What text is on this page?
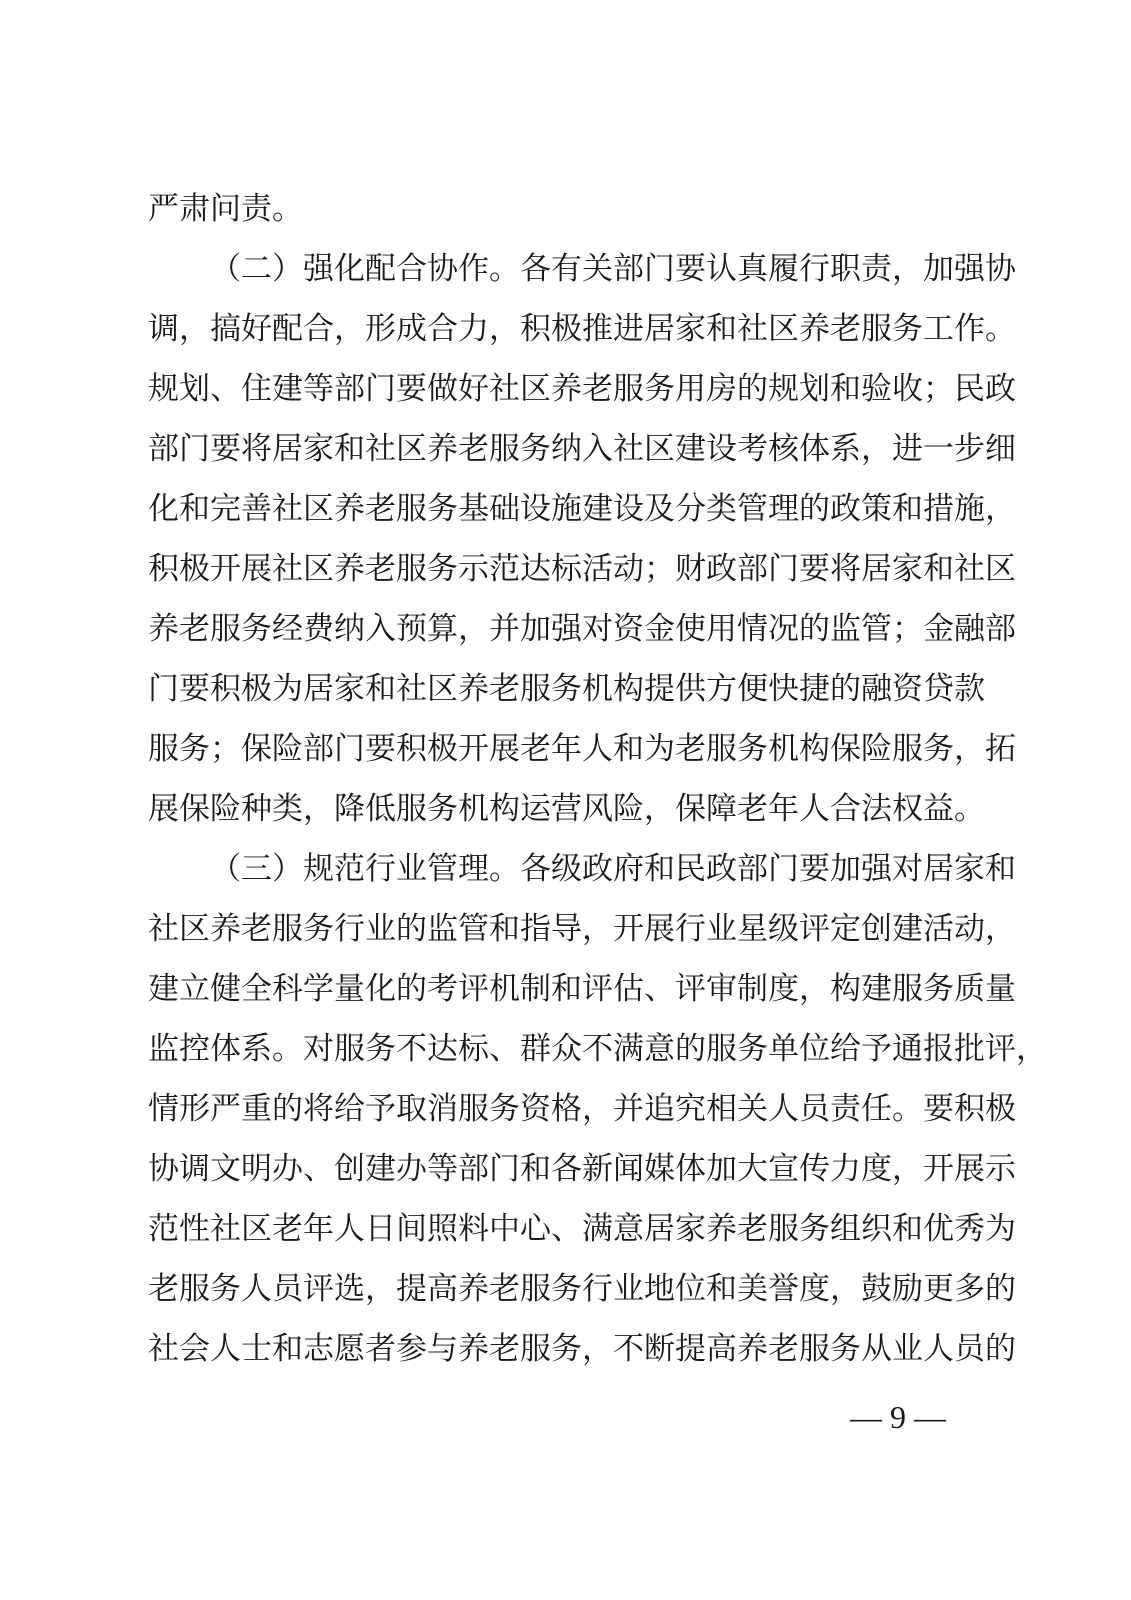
严肃问责。
（二）强化配合协作。各有关部门要认真履行职责，加强协
调，搞好配合，形成合力，积极推进居家和社区养老服务工作。
规划、住建等部门要做好社区养老服务用房的规划和验收；民政
部门要将居家和社区养老服务纳入社区建设考核体系，进一步细
化和完善社区养老服务基础设施建设及分类管理的政策和措施，
积极开展社区养老服务示范达标活动；财政部门要将居家和社区
养老服务经费纳入预算，并加强对资金使用情况的监管；金融部
门要积极为居家和社区养老服务机构提供方便快捷的融资贷款
服务；保险部门要积极开展老年人和为老服务机构保险服务，拓
展保险种类，降低服务机构运营风险，保障老年人合法权益。
（三）规范行业管理。各级政府和民政部门要加强对居家和
社区养老服务行业的监管和指导，开展行业星级评定创建活动，
建立健全科学量化的考评机制和评估、评审制度，构建服务质量
监控体系。对服务不达标、群众不满意的服务单位给予通报批评，
情形严重的将给予取消服务资格，并追究相关人员责任。要积极
协调文明办、创建办等部门和各新闻媒体加大宣传力度，开展示
范性社区老年人日间照料中心、满意居家养老服务组织和优秀为
老服务人员评选，提高养老服务行业地位和美誉度，鼓励更多的
社会人士和志愿者参与养老服务，不断提高养老服务从业人员的
— 9 —
